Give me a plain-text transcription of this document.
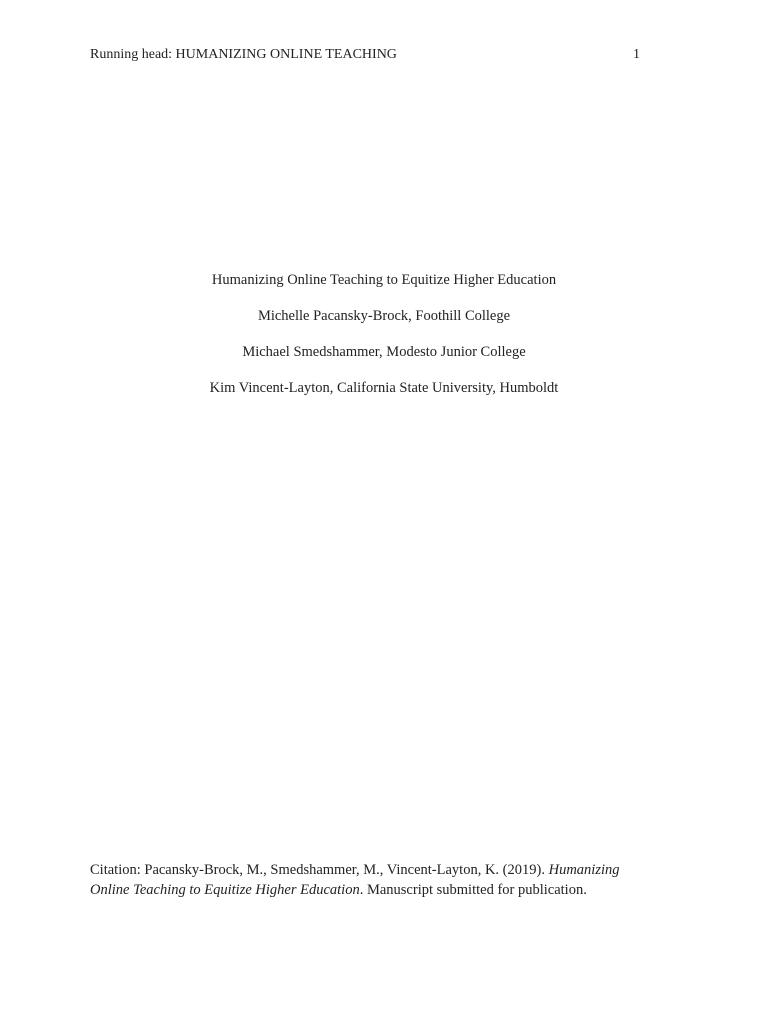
Running head: HUMANIZING ONLINE TEACHING	1
Humanizing Online Teaching to Equitize Higher Education
Michelle Pacansky-Brock, Foothill College
Michael Smedshammer, Modesto Junior College
Kim Vincent-Layton, California State University, Humboldt
Citation: Pacansky-Brock, M., Smedshammer, M., Vincent-Layton, K. (2019). Humanizing Online Teaching to Equitize Higher Education. Manuscript submitted for publication.
